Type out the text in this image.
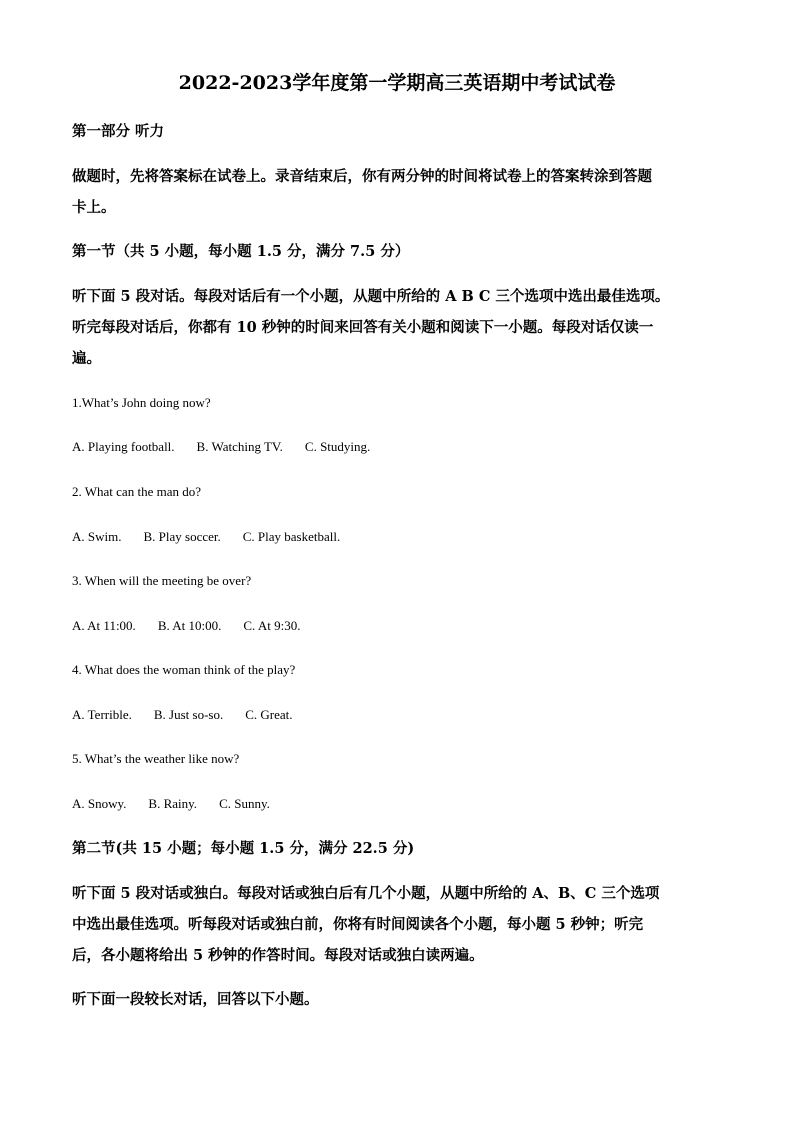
2022-2023学年度第一学期高三英语期中考试试卷
第一部分 听力
做题时，先将答案标在试卷上。录音结束后，你有两分钟的时间将试卷上的答案转涂到答题
卡上。
第一节（共 5 小题，每小题 1.5 分，满分 7.5 分）
听下面 5 段对话。每段对话后有一个小题，从题中所给的 A B C 三个选项中选出最佳选项。
听完每段对话后，你都有 10 秒钟的时间来回答有关小题和阅读下一小题。每段对话仅读一
遍。
1.What’s John doing now?
A. Playing football. B. Watching TV. C. Studying.
2. What can the man do?
A. Swim. B. Play soccer. C. Play basketball.
3. When will the meeting be over?
A. At 11:00. B. At 10:00. C. At 9:30.
4. What does the woman think of the play?
A. Terrible. B. Just so-so. C. Great.
5. What’s the weather like now?
A. Snowy. B. Rainy. C. Sunny.
第二节(共 15 小题；每小题 1.5 分，满分 22.5 分)
听下面 5 段对话或独白。每段对话或独白后有几个小题，从题中所给的 A、B、C 三个选项
中选出最佳选项。听每段对话或独白前，你将有时间阅读各个小题，每小题 5 秒钟；听完
后，各小题将给出 5 秒钟的作答时间。每段对话或独白读两遍。
听下面一段较长对话，回答以下小题。
